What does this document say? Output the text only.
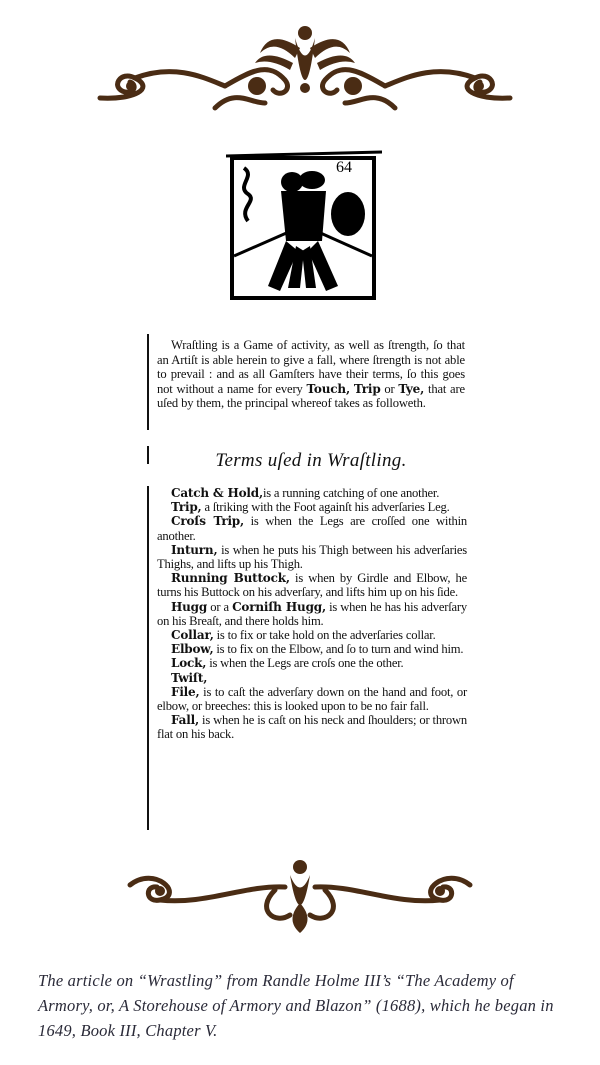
64

Wraſtling is a Game of activity, as well as ſtrength, ſo that an Artiſt is able herein to give a fall, where ſtrength is not able to prevail : and as all Gamſters have their terms, ſo this goes not without a name for every Touch, Trip or Tye, that are uſed by them, the principal whereof takes as followeth.

Terms uſed in Wraſtling.
Catch & Hold,is a running catching of one another.
Trip, a ſtriking with the Foot againſt his adverſaries Leg.
Croſs Trip, is when the Legs are croſſed one within another.
Inturn, is when he puts his Thigh between his adverſaries Thighs, and lifts up his Thigh.
Running Buttock, is when by Girdle and Elbow, he turns his Buttock on his adverſary, and lifts him up on his ſide.
Hugg or a Corniſh Hugg, is when he has his adverſary on his Breaſt, and there holds him.
Collar, is to fix or take hold on the adverſaries collar.
Elbow, is to fix on the Elbow, and ſo to turn and wind him.
Lock, is when the Legs are croſs one the other.
Twiſt,
File, is to caſt the adverſary down on the hand and foot, or elbow, or breeches: this is looked upon to be no fair fall.
Fall, is when he is caſt on his neck and ſhoulders; or thrown flat on his back.
The article on “Wrastling” from Randle Holme III’s “The Academy of Armory, or, A Storehouse of Armory and Blazon” (1688), which he began in 1649, Book III, Chapter V.
